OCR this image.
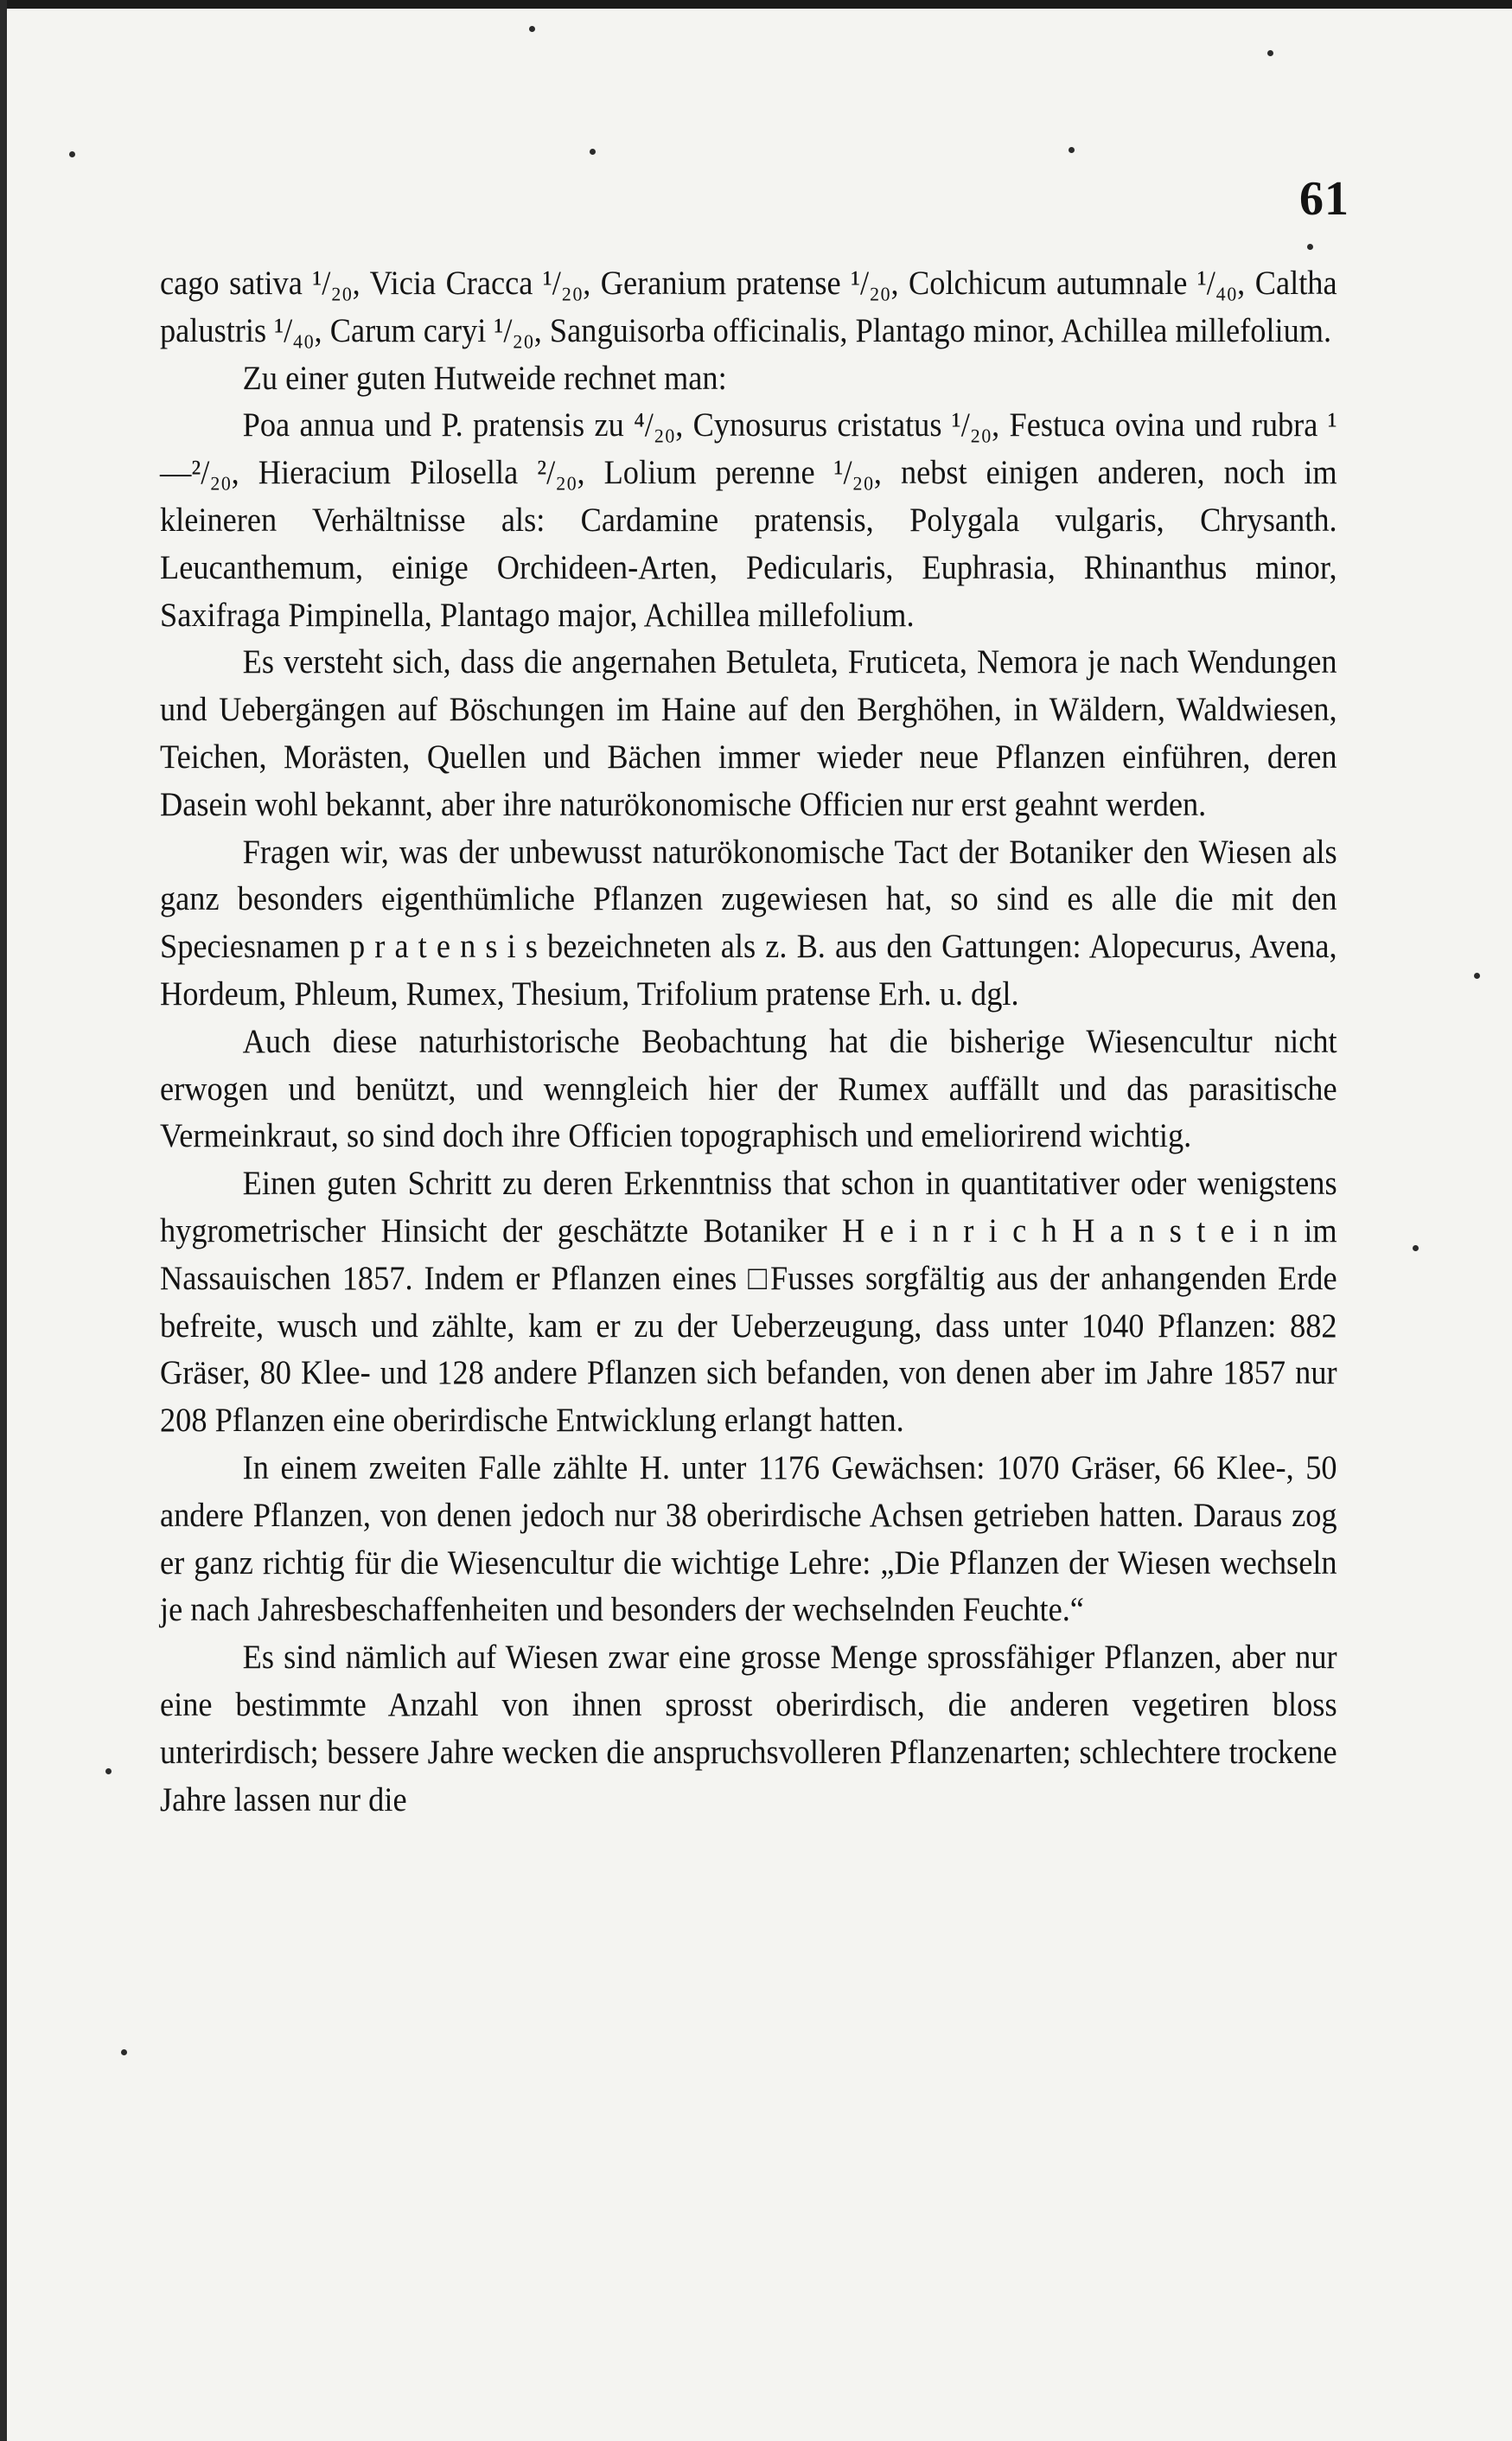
61

cago sativa ¹/₂₀, Vicia Cracca ¹/₂₀, Geranium pratense ¹/₂₀, Colchicum autumnale ¹/₄₀, Caltha palustris ¹/₄₀, Carum caryi ¹/₂₀, Sanguisorba officinalis, Plantago minor, Achillea millefolium.

Zu einer guten Hutweide rechnet man:

Poa annua und P. pratensis zu ⁴/₂₀, Cynosurus cristatus ¹/₂₀, Festuca ovina und rubra ¹—²/₂₀, Hieracium Pilosella ²/₂₀, Lolium perenne ¹/₂₀, nebst einigen anderen, noch im kleineren Verhältnisse als: Cardamine pratensis, Polygala vulgaris, Chrysanth. Leucanthemum, einige Orchideen-Arten, Pedicularis, Euphrasia, Rhinanthus minor, Saxifraga Pimpinella, Plantago major, Achillea millefolium.

Es versteht sich, dass die angernahen Betuleta, Fruticeta, Nemora je nach Wendungen und Uebergängen auf Böschungen im Haine auf den Berghöhen, in Wäldern, Waldwiesen, Teichen, Morästen, Quellen und Bächen immer wieder neue Pflanzen einführen, deren Dasein wohl bekannt, aber ihre naturökonomische Officien nur erst geahnt werden.

Fragen wir, was der unbewusst naturökonomische Tact der Botaniker den Wiesen als ganz besonders eigenthümliche Pflanzen zugewiesen hat, so sind es alle die mit den Speciesnamen p r a t e n s i s bezeichneten als z. B. aus den Gattungen: Alopecurus, Avena, Hordeum, Phleum, Rumex, Thesium, Trifolium pratense Erh. u. dgl.

Auch diese naturhistorische Beobachtung hat die bisherige Wiesencultur nicht erwogen und benützt, und wenngleich hier der Rumex auffällt und das parasitische Vermeinkraut, so sind doch ihre Officien topographisch und emeliorirend wichtig.

Einen guten Schritt zu deren Erkenntniss that schon in quantitativer oder wenigstens hygrometrischer Hinsicht der geschätzte Botaniker H e i n r i c h H a n s t e i n im Nassauischen 1857. Indem er Pflanzen eines □Fusses sorgfältig aus der anhangenden Erde befreite, wusch und zählte, kam er zu der Ueberzeugung, dass unter 1040 Pflanzen: 882 Gräser, 80 Klee- und 128 andere Pflanzen sich befanden, von denen aber im Jahre 1857 nur 208 Pflanzen eine oberirdische Entwicklung erlangt hatten.

In einem zweiten Falle zählte H. unter 1176 Gewächsen: 1070 Gräser, 66 Klee-, 50 andere Pflanzen, von denen jedoch nur 38 oberirdische Achsen getrieben hatten. Daraus zog er ganz richtig für die Wiesencultur die wichtige Lehre: „Die Pflanzen der Wiesen wechseln je nach Jahresbeschaffenheiten und besonders der wechselnden Feuchte.“

Es sind nämlich auf Wiesen zwar eine grosse Menge sprossfähiger Pflanzen, aber nur eine bestimmte Anzahl von ihnen sprosst oberirdisch, die anderen vegetiren bloss unterirdisch; bessere Jahre wecken die anspruchsvolleren Pflanzenarten; schlechtere trockene Jahre lassen nur die
